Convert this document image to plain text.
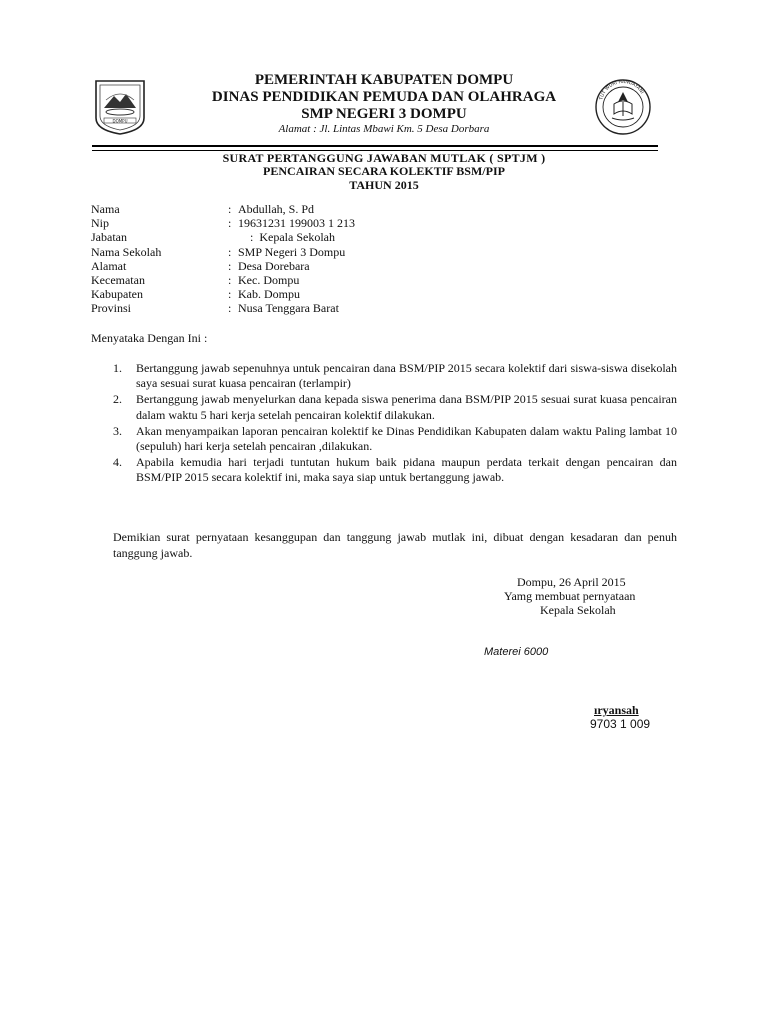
DOMPU
TUT WURI HANDAYANI
PEMERINTAH KABUPATEN DOMPU
DINAS PENDIDIKAN PEMUDA DAN OLAHRAGA
SMP NEGERI 3 DOMPU
Alamat : Jl. Lintas Mbawi Km. 5 Desa Dorbara
SURAT PERTANGGUNG JAWABAN MUTLAK ( SPTJM )
PENCAIRAN SECARA KOLEKTIF BSM/PIP
TAHUN 2015
Nama	: Abdullah, S. Pd
Nip	: 19631231 199003 1 213
Jabatan	:  Kepala Sekolah
Nama Sekolah	: SMP Negeri 3 Dompu
Alamat	: Desa Dorebara
Kecematan	: Kec. Dompu
Kabupaten	: Kab. Dompu
Provinsi	: Nusa Tenggara Barat
Menyataka Dengan Ini :
1. Bertanggung jawab sepenuhnya untuk pencairan dana BSM/PIP 2015 secara kolektif dari siswa-siswa disekolah saya sesuai surat kuasa pencairan (terlampir)
2. Bertanggung jawab menyelurkan dana kepada siswa penerima dana BSM/PIP 2015 sesuai surat kuasa pencairan dalam waktu 5 hari kerja setelah pencairan kolektif dilakukan.
3. Akan menyampaikan laporan pencairan kolektif ke Dinas Pendidikan Kabupaten dalam waktu Paling lambat 10 (sepuluh) hari kerja setelah pencairan ,dilakukan.
4. Apabila kemudia hari terjadi tuntutan hukum baik pidana maupun perdata terkait dengan pencairan dan BSM/PIP 2015 secara kolektif ini, maka saya siap untuk bertanggung jawab.
Demikian surat pernyataan kesanggupan dan tanggung jawab mutlak ini, dibuat dengan kesadaran dan penuh tanggung jawab.
Dompu, 26 April 2015
Yamg membuat pernyataan
Kepala Sekolah
Materei 6000
ıryansah
9703 1 009
